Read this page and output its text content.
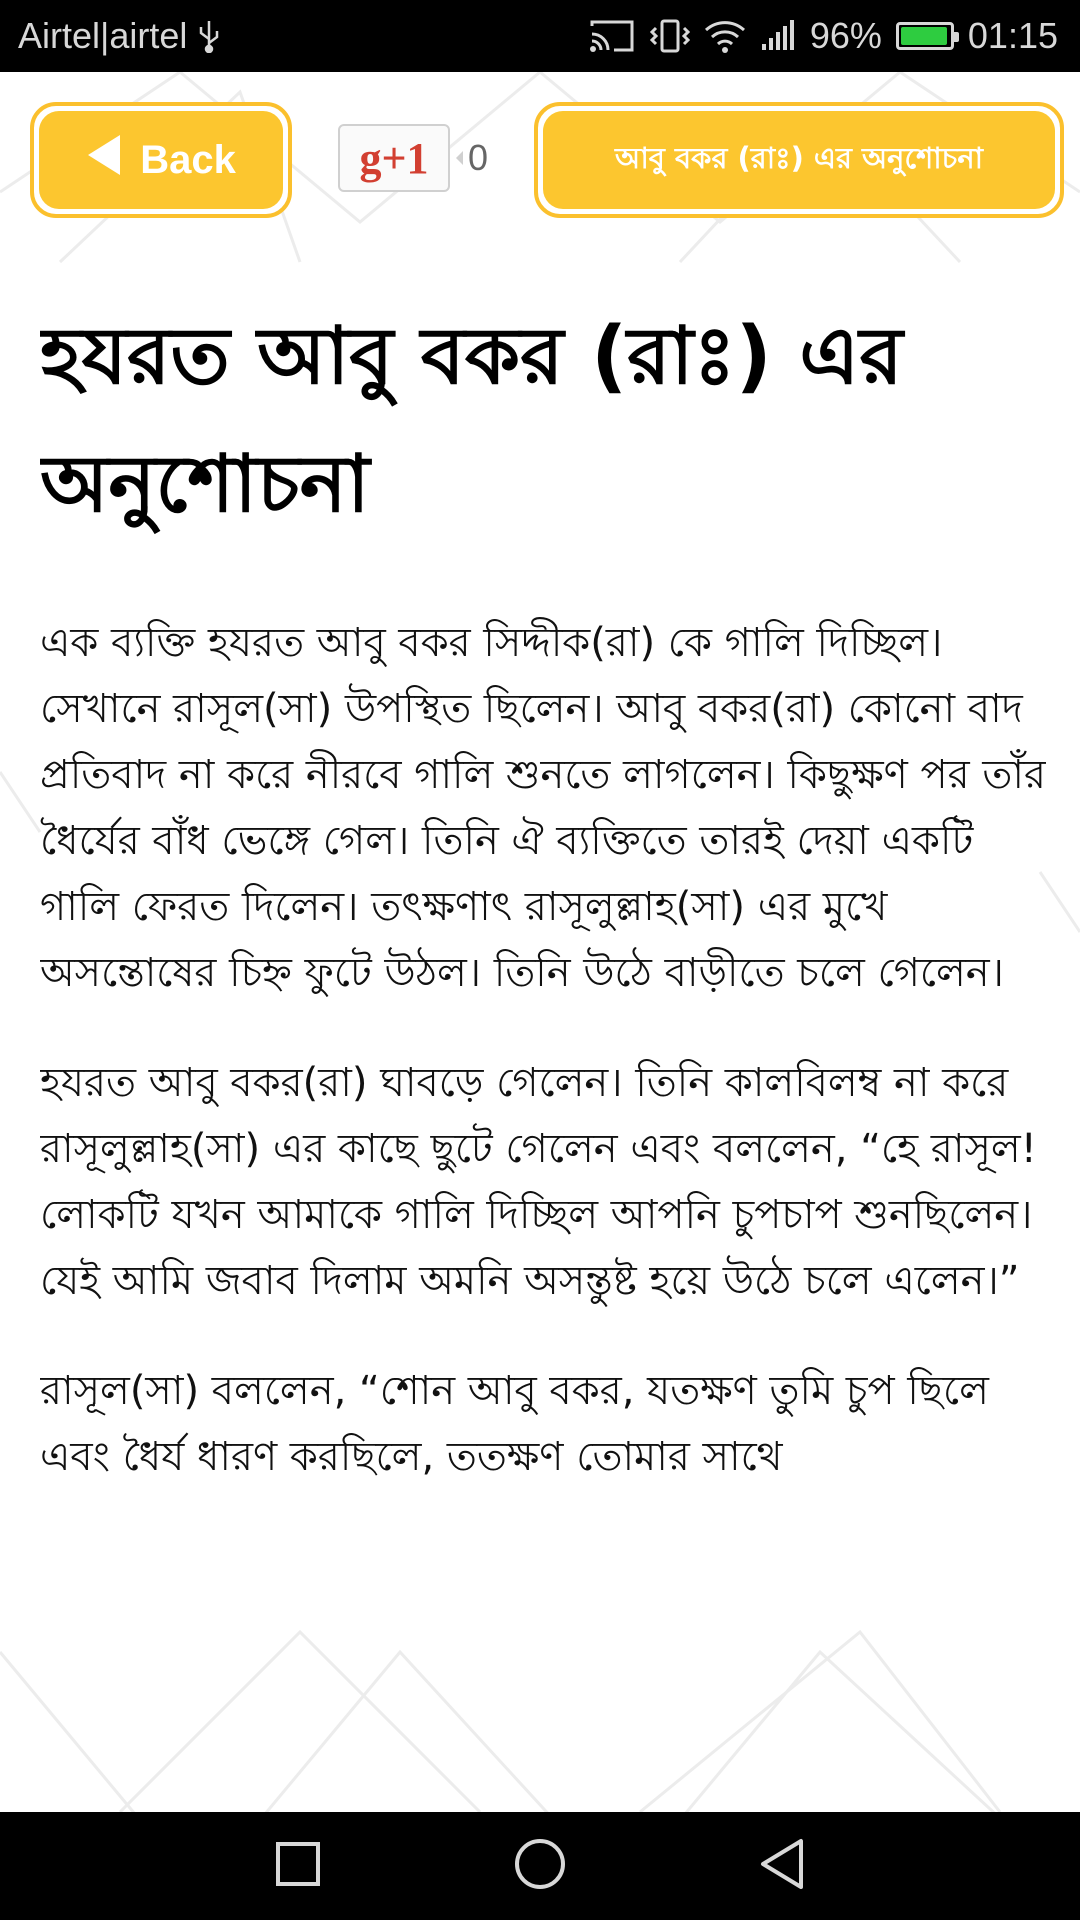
Airtel|airtel	96% 01:15
Back	g+1	0	আবু বকর (রাঃ) এর অনুশোচনা
হযরত আবু বকর (রাঃ) এর অনুশোচনা

এক ব্যক্তি হযরত আবু বকর সিদ্দীক(রা) কে গালি দিচ্ছিল। সেখানে রাসূল(সা) উপস্থিত ছিলেন। আবু বকর(রা) কোনো বাদ প্রতিবাদ না করে নীরবে গালি শুনতে লাগলেন। কিছুক্ষণ পর তাঁর ধৈর্যের বাঁধ ভেঙ্গে গেল। তিনি ঐ ব্যক্তিতে তারই দেয়া একটি গালি ফেরত দিলেন। তৎক্ষণাৎ রাসূলুল্লাহ(সা) এর মুখে অসন্তোষের চিহ্ন ফুটে উঠল। তিনি উঠে বাড়ীতে চলে গেলেন।

হযরত আবু বকর(রা) ঘাবড়ে গেলেন। তিনি কালবিলম্ব না করে রাসূলুল্লাহ(সা) এর কাছে ছুটে গেলেন এবং বললেন, “হে রাসূল! লোকটি যখন আমাকে গালি দিচ্ছিল আপনি চুপচাপ শুনছিলেন। যেই আমি জবাব দিলাম অমনি অসন্তুষ্ট হয়ে উঠে চলে এলেন।”

রাসূল(সা) বললেন, “শোন আবু বকর, যতক্ষণ তুমি চুপ ছিলে এবং ধৈর্য ধারণ করছিলে, ততক্ষণ তোমার সাথে
